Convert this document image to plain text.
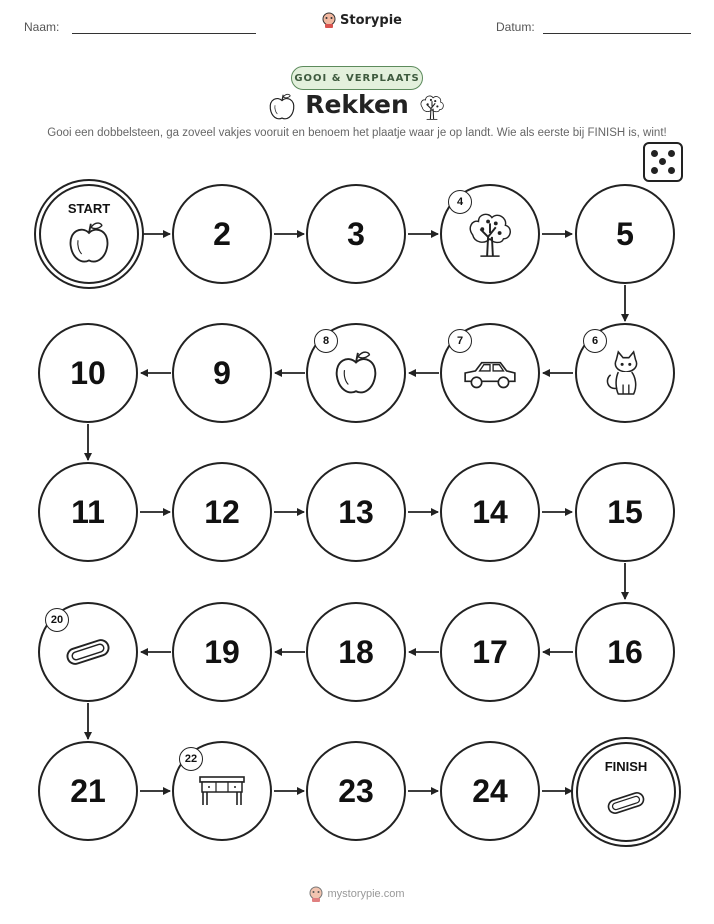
Naam:	Storypie	Datum:
GOOI & VERPLAATS
Rekken
Gooi een dobbelsteen, ga zoveel vakjes vooruit en benoem het plaatje waar je op landt. Wie als eerste bij FINISH is, wint!
START
2	3
4
5
10	9
8	7	6
11	12	13	14	15
20
19	18	17	16
21
22
23	24
FINISH
mystorypie.com
